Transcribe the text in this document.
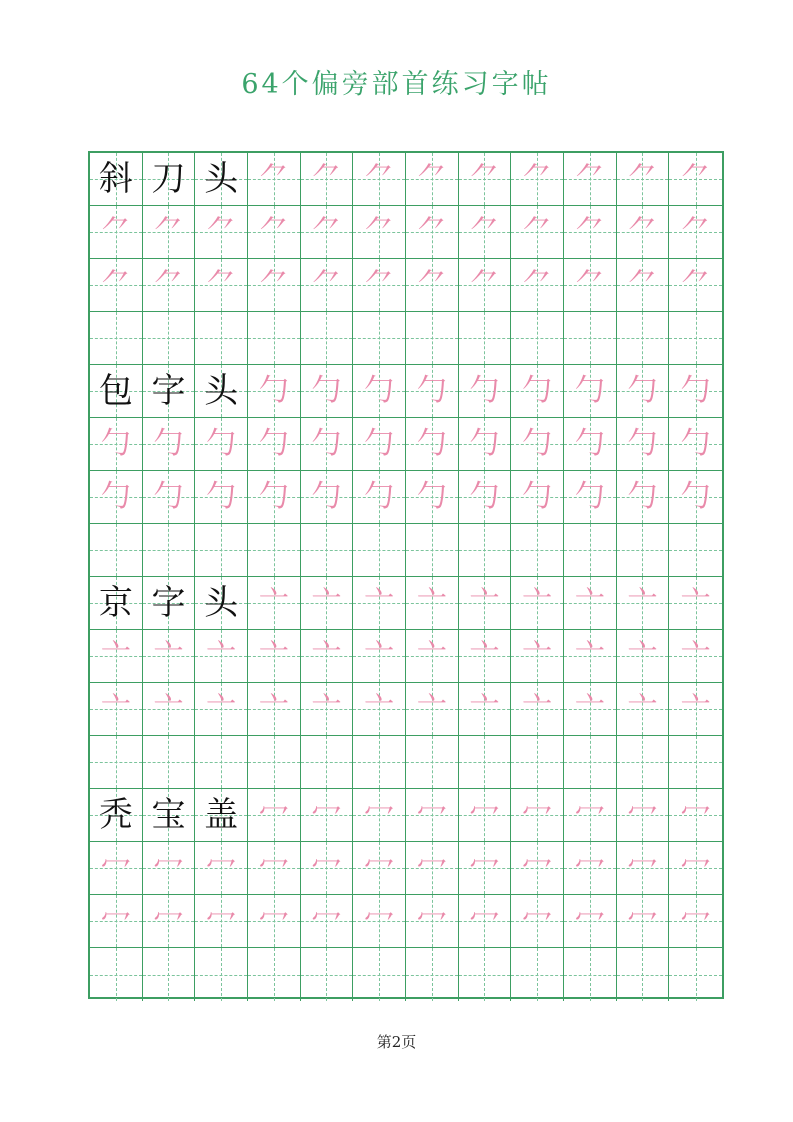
64个偏旁部首练习字帖
斜 刀 头 ⺈ ⺈ ⺈ ⺈ ⺈ ⺈ ⺈ ⺈ ⺈
⺈ ⺈ ⺈ ⺈ ⺈ ⺈ ⺈ ⺈ ⺈ ⺈ ⺈ ⺈
⺈ ⺈ ⺈ ⺈ ⺈ ⺈ ⺈ ⺈ ⺈ ⺈ ⺈ ⺈
包 字 头 勹 勹 勹 勹 勹 勹 勹 勹 勹
勹 勹 勹 勹 勹 勹 勹 勹 勹 勹 勹 勹
勹 勹 勹 勹 勹 勹 勹 勹 勹 勹 勹 勹
京 字 头 亠 亠 亠 亠 亠 亠 亠 亠 亠
亠 亠 亠 亠 亠 亠 亠 亠 亠 亠 亠 亠
亠 亠 亠 亠 亠 亠 亠 亠 亠 亠 亠 亠
秃 宝 盖 冖 冖 冖 冖 冖 冖 冖 冖 冖
冖 冖 冖 冖 冖 冖 冖 冖 冖 冖 冖 冖
冖 冖 冖 冖 冖 冖 冖 冖 冖 冖 冖 冖
第2页
